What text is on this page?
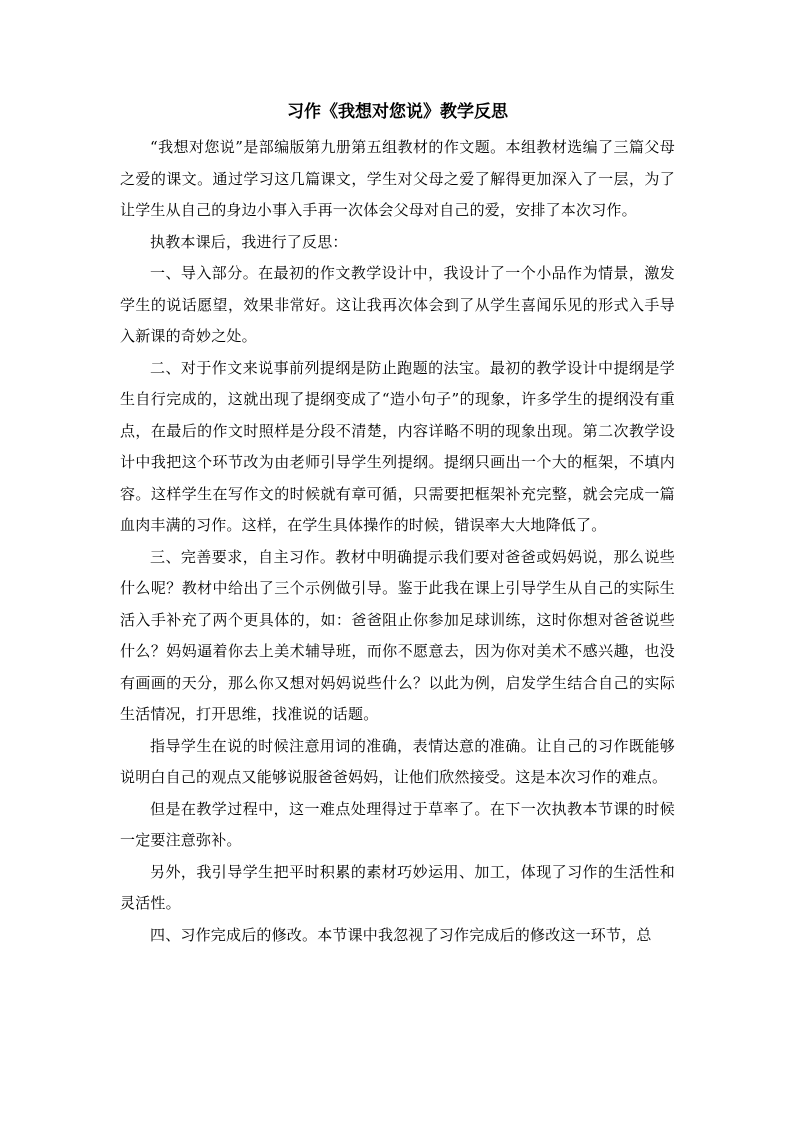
习作《我想对您说》教学反思

“我想对您说”是部编版第九册第五组教材的作文题。本组教材选编了三篇父母之爱的课文。通过学习这几篇课文，学生对父母之爱了解得更加深入了一层，为了让学生从自己的身边小事入手再一次体会父母对自己的爱，安排了本次习作。

执教本课后，我进行了反思：

一、导入部分。在最初的作文教学设计中，我设计了一个小品作为情景，激发学生的说话愿望，效果非常好。这让我再次体会到了从学生喜闻乐见的形式入手导入新课的奇妙之处。

二、对于作文来说事前列提纲是防止跑题的法宝。最初的教学设计中提纲是学生自行完成的，这就出现了提纲变成了“造小句子”的现象，许多学生的提纲没有重点，在最后的作文时照样是分段不清楚，内容详略不明的现象出现。第二次教学设计中我把这个环节改为由老师引导学生列提纲。提纲只画出一个大的框架，不填内容。这样学生在写作文的时候就有章可循，只需要把框架补充完整，就会完成一篇血肉丰满的习作。这样，在学生具体操作的时候，错误率大大地降低了。

三、完善要求，自主习作。教材中明确提示我们要对爸爸或妈妈说，那么说些什么呢？教材中给出了三个示例做引导。鉴于此我在课上引导学生从自己的实际生活入手补充了两个更具体的，如：爸爸阻止你参加足球训练，这时你想对爸爸说些什么？妈妈逼着你去上美术辅导班，而你不愿意去，因为你对美术不感兴趣，也没有画画的天分，那么你又想对妈妈说些什么？以此为例，启发学生结合自己的实际生活情况，打开思维，找准说的话题。

指导学生在说的时候注意用词的准确，表情达意的准确。让自己的习作既能够说明白自己的观点又能够说服爸爸妈妈，让他们欣然接受。这是本次习作的难点。

但是在教学过程中，这一难点处理得过于草率了。在下一次执教本节课的时候一定要注意弥补。

另外，我引导学生把平时积累的素材巧妙运用、加工，体现了习作的生活性和灵活性。

四、习作完成后的修改。本节课中我忽视了习作完成后的修改这一环节，总
